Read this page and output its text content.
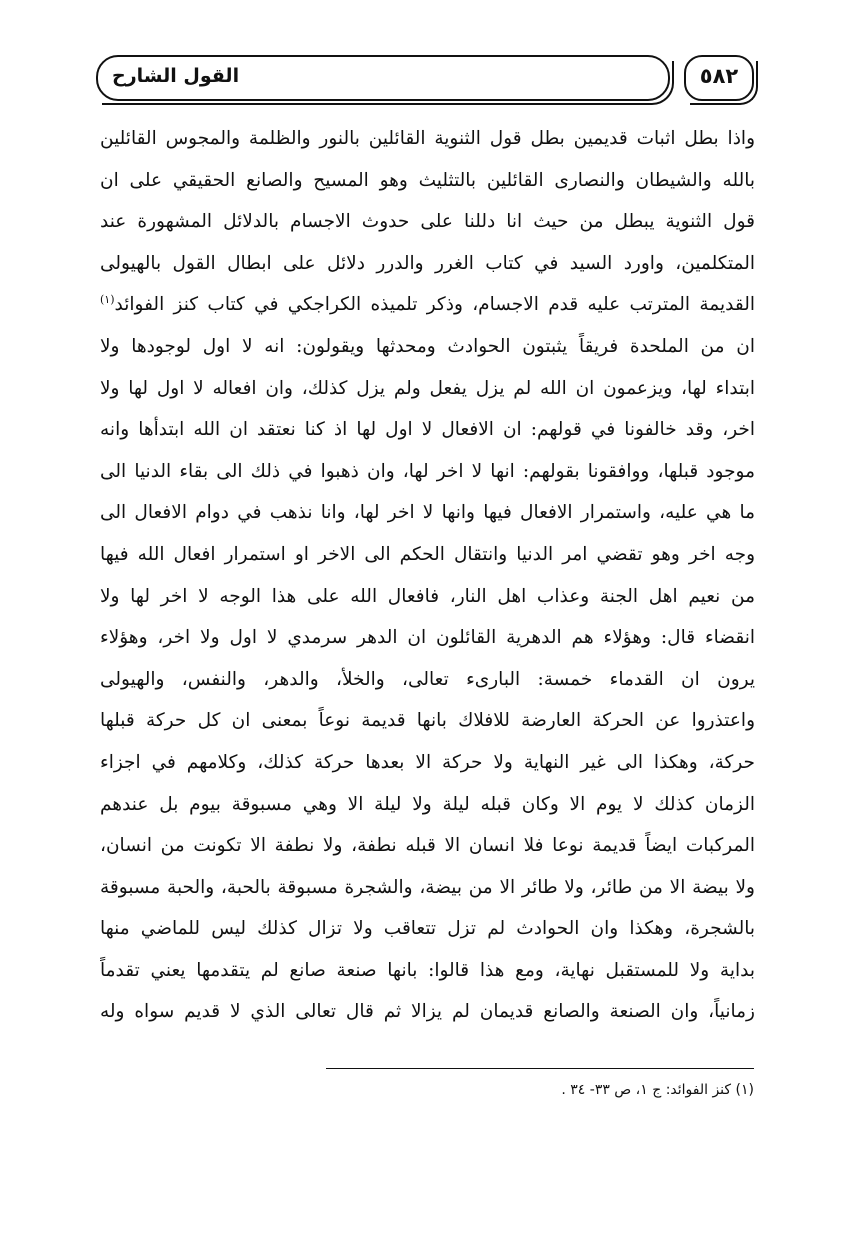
القول الشارح	٥٨٢
واذا بطل اثبات قديمين بطل قول الثنوية القائلين بالنور والظلمة والمجوس القائلين
بالله والشيطان والنصارى القائلين بالتثليث وهو المسيح والصانع الحقيقي على ان
قول الثنوية يبطل من حيث انا دللنا على حدوث الاجسام بالدلائل المشهورة عند
المتكلمين، واورد السيد في كتاب الغرر والدرر دلائل على ابطال القول بالهيولى
القديمة المترتب عليه قدم الاجسام، وذكر تلميذه الكراجكي في كتاب كنز الفوائد$^{(١)}$
ان من الملحدة فريقاً يثبتون الحوادث ومحدثها ويقولون: انه لا اول لوجودها ولا
ابتداء لها، ويزعمون ان الله لم يزل يفعل ولم يزل كذلك، وان افعاله لا اول لها ولا
اخر، وقد خالفونا في قولهم: ان الافعال لا اول لها اذ كنا نعتقد ان الله ابتدأها وانه
موجود قبلها، ووافقونا بقولهم: انها لا اخر لها، وان ذهبوا في ذلك الى بقاء الدنيا الى
ما هي عليه، واستمرار الافعال فيها وانها لا اخر لها، وانا نذهب في دوام الافعال الى
وجه اخر وهو تقضي امر الدنيا وانتقال الحكم الى الاخر او استمرار افعال الله فيها
من نعيم اهل الجنة وعذاب اهل النار، فافعال الله على هذا الوجه لا اخر لها ولا
انقضاء قال: وهؤلاء هم الدهرية القائلون ان الدهر سرمدي لا اول ولا اخر، وهؤلاء
يرون ان القدماء خمسة: البارىء تعالى، والخلأ، والدهر، والنفس، والهيولى
واعتذروا عن الحركة العارضة للافلاك بانها قديمة نوعاً بمعنى ان كل حركة قبلها
حركة، وهكذا الى غير النهاية ولا حركة الا بعدها حركة كذلك، وكلامهم في اجزاء
الزمان كذلك لا يوم الا وكان قبله ليلة ولا ليلة الا وهي مسبوقة بيوم بل عندهم
المركبات ايضاً قديمة نوعا فلا انسان الا قبله نطفة، ولا نطفة الا تكونت من انسان،
ولا بيضة الا من طائر، ولا طائر الا من بيضة، والشجرة مسبوقة بالحبة، والحبة مسبوقة
بالشجرة، وهكذا وان الحوادث لم تزل تتعاقب ولا تزال كذلك ليس للماضي منها
بداية ولا للمستقبل نهاية، ومع هذا قالوا: بانها صنعة صانع لم يتقدمها يعني تقدماً
زمانياً، وان الصنعة والصانع قديمان لم يزالا ثم قال تعالى الذي لا قديم سواه وله
(١) كنز الفوائد: ج ١، ص ٣٣- ٣٤ .
